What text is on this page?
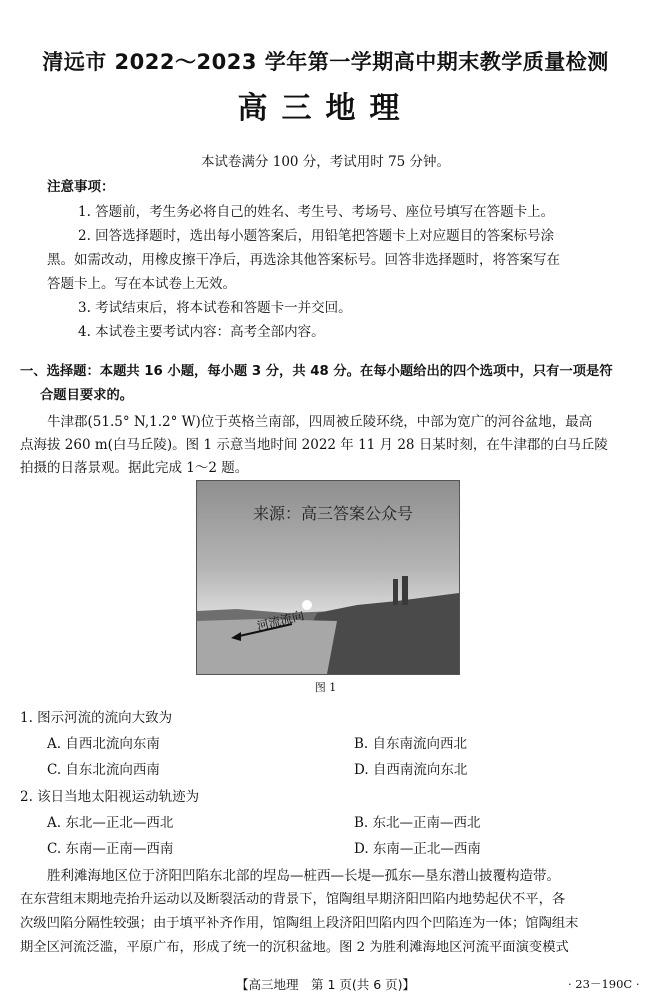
清远市 2022～2023 学年第一学期高中期末教学质量检测
高三地理
本试卷满分 100 分，考试用时 75 分钟。
注意事项：
1. 答题前，考生务必将自己的姓名、考生号、考场号、座位号填写在答题卡上。
2. 回答选择题时，选出每小题答案后，用铅笔把答题卡上对应题目的答案标号涂
黑。如需改动，用橡皮擦干净后，再选涂其他答案标号。回答非选择题时，将答案写在
答题卡上。写在本试卷上无效。
3. 考试结束后，将本试卷和答题卡一并交回。
4. 本试卷主要考试内容：高考全部内容。
一、选择题：本题共 16 小题，每小题 3 分，共 48 分。在每小题给出的四个选项中，只有一项是符
合题目要求的。
牛津郡(51.5° N,1.2° W)位于英格兰南部，四周被丘陵环绕，中部为宽广的河谷盆地，最高
点海拔 260 m(白马丘陵)。图 1 示意当地时间 2022 年 11 月 28 日某时刻，在牛津郡的白马丘陵
拍摄的日落景观。据此完成 1～2 题。
来源：高三答案公众号
河流流向
图 1
1. 图示河流的流向大致为
A. 自西北流向东南	B. 自东南流向西北
C. 自东北流向西南	D. 自西南流向东北
2. 该日当地太阳视运动轨迹为
A. 东北—正北—西北	B. 东北—正南—西北
C. 东南—正南—西南	D. 东南—正北—西南
胜利滩海地区位于济阳凹陷东北部的埕岛—桩西—长堤—孤东—垦东潜山披覆构造带。
在东营组末期地壳抬升运动以及断裂活动的背景下，馆陶组早期济阳凹陷内地势起伏不平，各
次级凹陷分隔性较强；由于填平补齐作用，馆陶组上段济阳凹陷内四个凹陷连为一体；馆陶组末
期全区河流泛滥，平原广布，形成了统一的沉积盆地。图 2 为胜利滩海地区河流平面演变模式
【高三地理　第 1 页(共 6 页)】	· 23－190C ·
